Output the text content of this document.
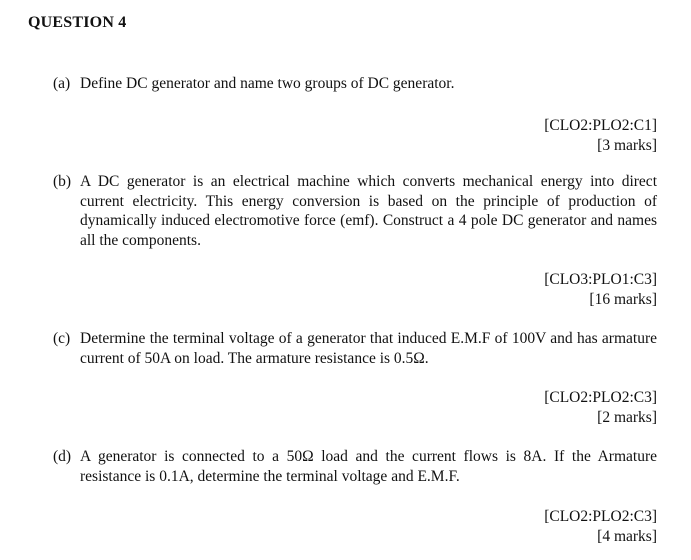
QUESTION 4
(a) Define DC generator and name two groups of DC generator.
[CLO2:PLO2:C1]
[3 marks]
(b) A DC generator is an electrical machine which converts mechanical energy into direct current electricity. This energy conversion is based on the principle of production of dynamically induced electromotive force (emf). Construct a 4 pole DC generator and names all the components.
[CLO3:PLO1:C3]
[16 marks]
(c) Determine the terminal voltage of a generator that induced E.M.F of 100V and has armature current of 50A on load. The armature resistance is 0.5Ω.
[CLO2:PLO2:C3]
[2 marks]
(d) A generator is connected to a 50Ω load and the current flows is 8A. If the Armature resistance is 0.1A, determine the terminal voltage and E.M.F.
[CLO2:PLO2:C3]
[4 marks]
